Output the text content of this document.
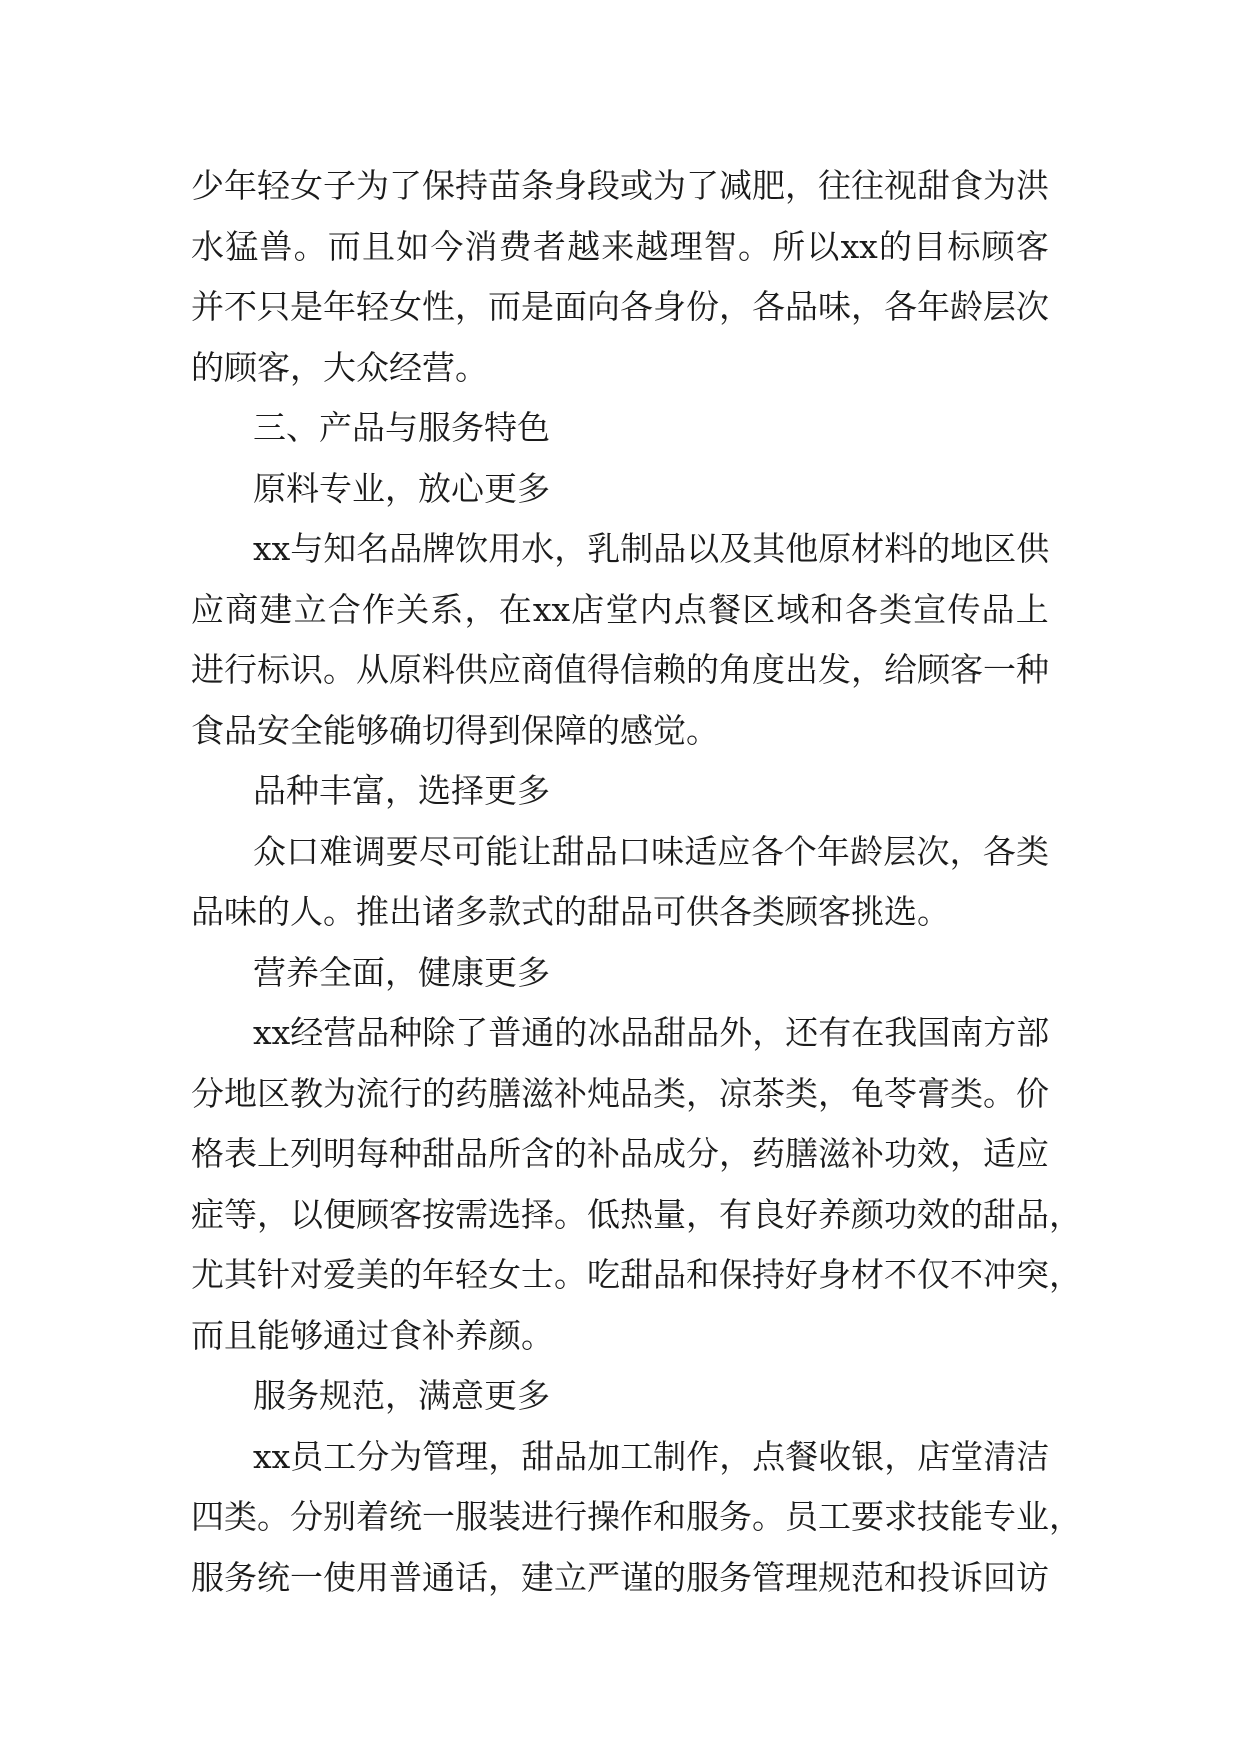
少 年 轻 女 子 为 了 保 持 苗 条 身 段 或 为 了 减 肥 ， 往 往 视 甜 食 为 洪
水 猛 兽 。 而 且 如 今 消 费 者 越 来 越 理 智 。 所 以 xx 的 目 标 顾 客
并 不 只 是 年 轻 女 性 ， 而 是 面 向 各 身 份 ， 各 品 味 ， 各 年 龄 层 次
的顾客，大众经营。
三、产品与服务特色
原料专业，放心更多
xx 与 知 名 品 牌 饮 用 水 ， 乳 制 品 以 及 其 他 原 材 料 的 地 区 供
应 商 建 立 合 作 关 系 ， 在 xx 店 堂 内 点 餐 区 域 和 各 类 宣 传 品 上
进 行 标 识 。 从 原 料 供 应 商 值 得 信 赖 的 角 度 出 发 ， 给 顾 客 一 种
食品安全能够确切得到保障的感觉。
品种丰富，选择更多
众 口 难 调 要 尽 可 能 让 甜 品 口 味 适 应 各 个 年 龄 层 次 ， 各 类
品味的人。推出诸多款式的甜品可供各类顾客挑选。
营养全面，健康更多
xx 经 营 品 种 除 了 普 通 的 冰 品 甜 品 外 ， 还 有 在 我 国 南 方 部
分 地 区 教 为 流 行 的 药 膳 滋 补 炖 品 类 ， 凉 茶 类 ， 龟 苓 膏 类 。 价
格 表 上 列 明 每 种 甜 品 所 含 的 补 品 成 分 ， 药 膳 滋 补 功 效 ， 适 应
症 等 ， 以 便 顾 客 按 需 选 择 。 低 热 量 ， 有 良 好 养 颜 功 效 的 甜 品 ，
尤 其 针 对 爱 美 的 年 轻 女 士 。 吃 甜 品 和 保 持 好 身 材 不 仅 不 冲 突 ，
而且能够通过食补养颜。
服务规范，满意更多
xx 员 工 分 为 管 理 ， 甜 品 加 工 制 作 ， 点 餐 收 银 ， 店 堂 清 洁
四 类 。 分 别 着 统 一 服 装 进 行 操 作 和 服 务 。 员 工 要 求 技 能 专 业 ，
服 务 统 一 使 用 普 通 话 ， 建 立 严 谨 的 服 务 管 理 规 范 和 投 诉 回 访
